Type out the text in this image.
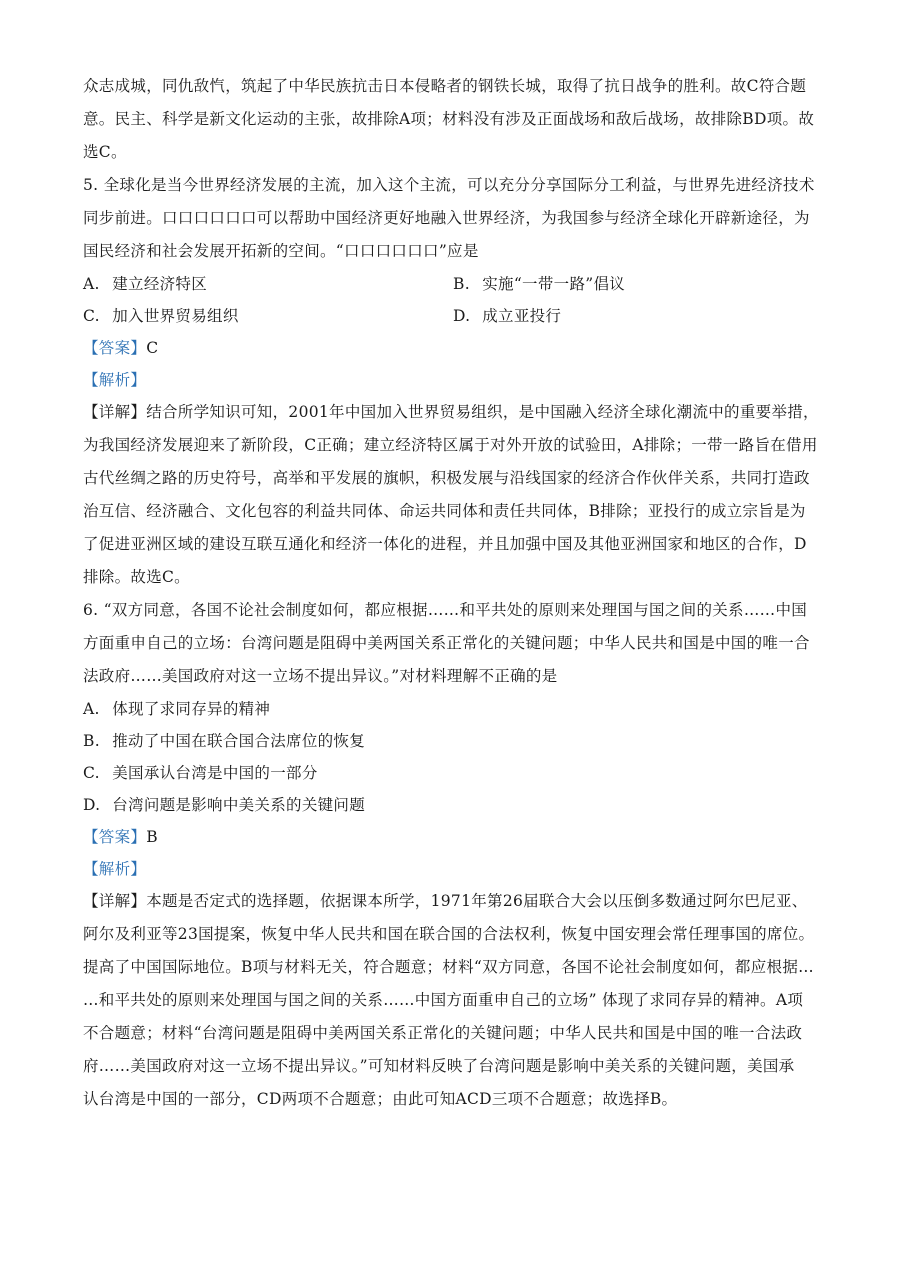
众志成城，同仇敌忾，筑起了中华民族抗击日本侵略者的钢铁长城，取得了抗日战争的胜利。故C符合题
意。民主、科学是新文化运动的主张，故排除A项；材料没有涉及正面战场和敌后战场，故排除BD项。故
选C。
5. 全球化是当今世界经济发展的主流，加入这个主流，可以充分分享国际分工利益，与世界先进经济技术
同步前进。口口口口口口可以帮助中国经济更好地融入世界经济，为我国参与经济全球化开辟新途径，为
国民经济和社会发展开拓新的空间。“口口口口口口”应是
A. 建立经济特区	B. 实施“一带一路”倡议
C. 加入世界贸易组织	D. 成立亚投行
【答案】C
【解析】
【详解】结合所学知识可知，2001年中国加入世界贸易组织，是中国融入经济全球化潮流中的重要举措，
为我国经济发展迎来了新阶段，C正确；建立经济特区属于对外开放的试验田，A排除；一带一路旨在借用
古代丝绸之路的历史符号，高举和平发展的旗帜，积极发展与沿线国家的经济合作伙伴关系，共同打造政
治互信、经济融合、文化包容的利益共同体、命运共同体和责任共同体，B排除；亚投行的成立宗旨是为
了促进亚洲区域的建设互联互通化和经济一体化的进程，并且加强中国及其他亚洲国家和地区的合作，D
排除。故选C。
6. “双方同意，各国不论社会制度如何，都应根据……和平共处的原则来处理国与国之间的关系……中国
方面重申自己的立场：台湾问题是阻碍中美两国关系正常化的关键问题；中华人民共和国是中国的唯一合
法政府……美国政府对这一立场不提出异议。”对材料理解不正确的是
A. 体现了求同存异的精神
B. 推动了中国在联合国合法席位的恢复
C. 美国承认台湾是中国的一部分
D. 台湾问题是影响中美关系的关键问题
【答案】B
【解析】
【详解】本题是否定式的选择题，依据课本所学，1971年第26届联合大会以压倒多数通过阿尔巴尼亚、
阿尔及利亚等23国提案，恢复中华人民共和国在联合国的合法权利，恢复中国安理会常任理事国的席位。
提高了中国国际地位。B项与材料无关，符合题意；材料“双方同意，各国不论社会制度如何，都应根据…
…和平共处的原则来处理国与国之间的关系……中国方面重申自己的立场” 体现了求同存异的精神。A项
不合题意；材料“台湾问题是阻碍中美两国关系正常化的关键问题；中华人民共和国是中国的唯一合法政
府……美国政府对这一立场不提出异议。”可知材料反映了台湾问题是影响中美关系的关键问题，美国承
认台湾是中国的一部分，CD两项不合题意；由此可知ACD三项不合题意；故选择B。
